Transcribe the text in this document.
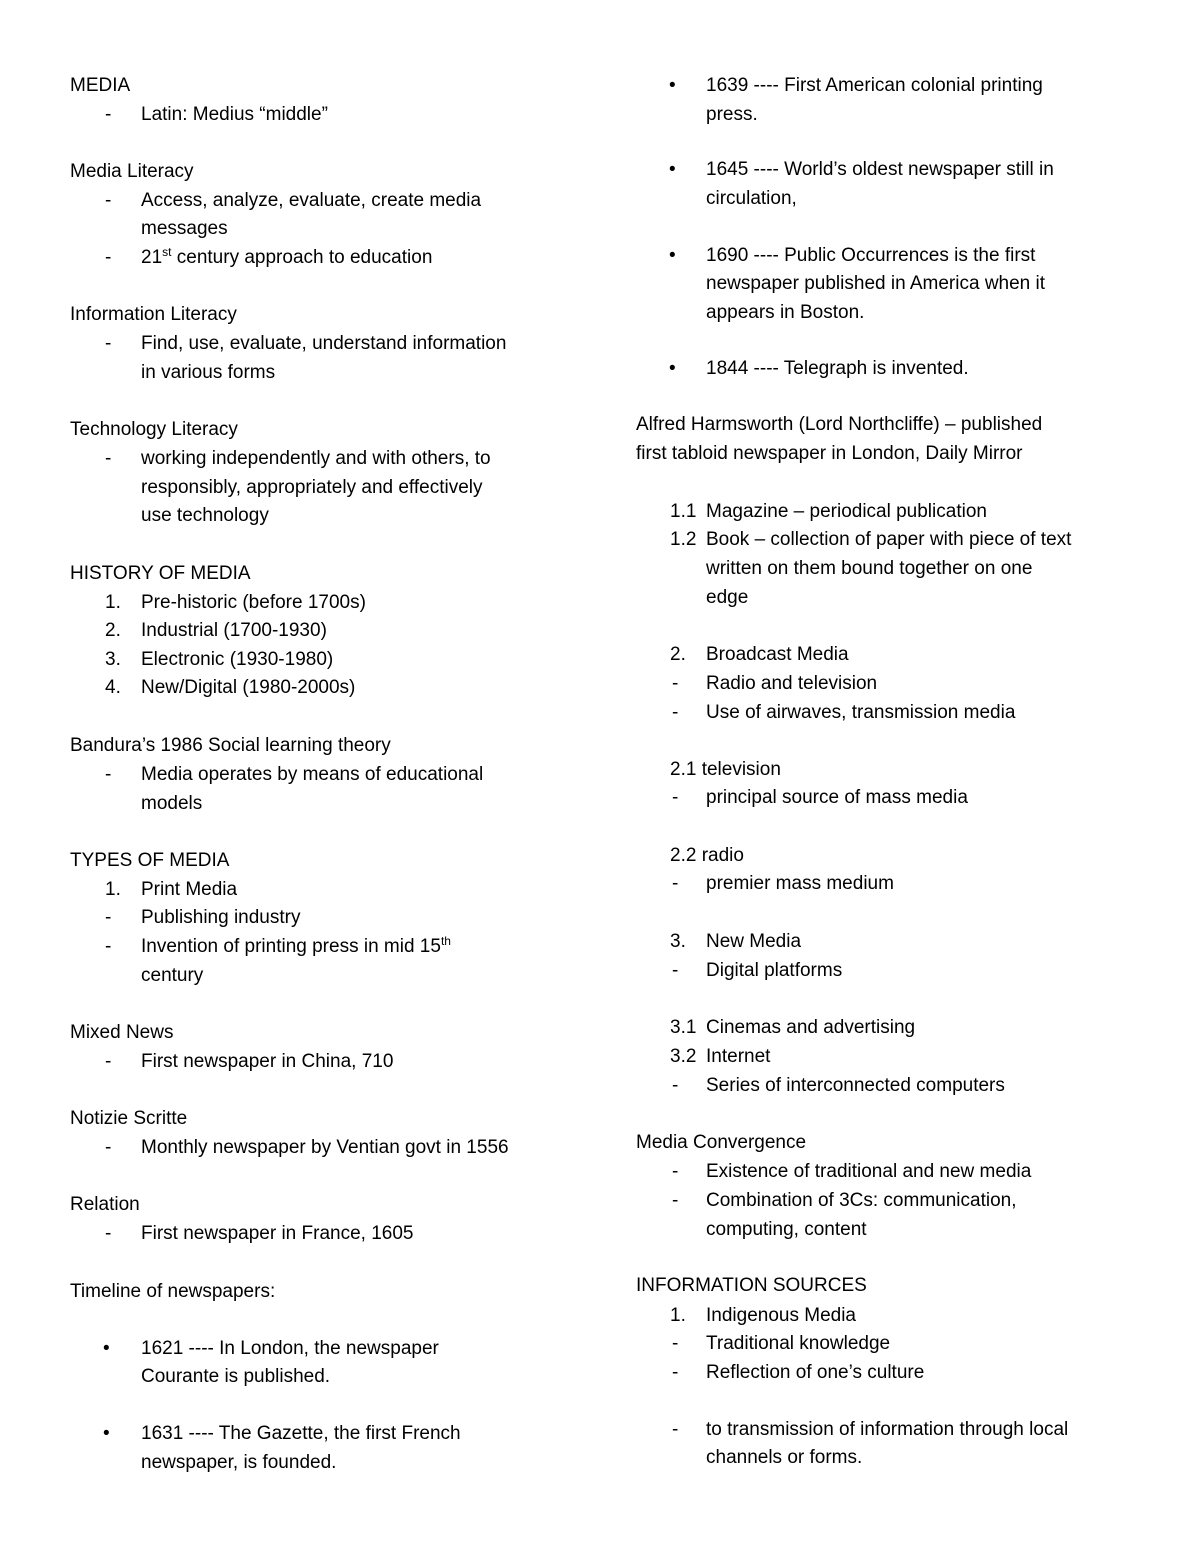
MEDIA
- Latin: Medius “middle”
Media Literacy
- Access, analyze, evaluate, create media
messages
- 21st century approach to education
Information Literacy
- Find, use, evaluate, understand information
in various forms
Technology Literacy
- working independently and with others, to
responsibly, appropriately and effectively
use technology
HISTORY OF MEDIA
1. Pre-historic (before 1700s)
2. Industrial (1700-1930)
3. Electronic (1930-1980)
4. New/Digital (1980-2000s)
Bandura’s 1986 Social learning theory
- Media operates by means of educational
models
TYPES OF MEDIA
1. Print Media
- Publishing industry
- Invention of printing press in mid 15th
century
Mixed News
- First newspaper in China, 710
Notizie Scritte
- Monthly newspaper by Ventian govt in 1556
Relation
- First newspaper in France, 1605
Timeline of newspapers:
• 1621 ---- In London, the newspaper
Courante is published.
• 1631 ---- The Gazette, the first French
newspaper, is founded.
• 1639 ---- First American colonial printing
press.
• 1645 ---- World’s oldest newspaper still in
circulation,
• 1690 ---- Public Occurrences is the first
newspaper published in America when it
appears in Boston.
• 1844 ---- Telegraph is invented.
Alfred Harmsworth (Lord Northcliffe) – published
first tabloid newspaper in London, Daily Mirror
1.1 Magazine – periodical publication
1.2 Book – collection of paper with piece of text
written on them bound together on one
edge
2. Broadcast Media
- Radio and television
- Use of airwaves, transmission media
2.1 television
- principal source of mass media
2.2 radio
- premier mass medium
3. New Media
- Digital platforms
3.1 Cinemas and advertising
3.2 Internet
- Series of interconnected computers
Media Convergence
- Existence of traditional and new media
- Combination of 3Cs: communication,
computing, content
INFORMATION SOURCES
1. Indigenous Media
- Traditional knowledge
- Reflection of one’s culture
- to transmission of information through local
channels or forms.
